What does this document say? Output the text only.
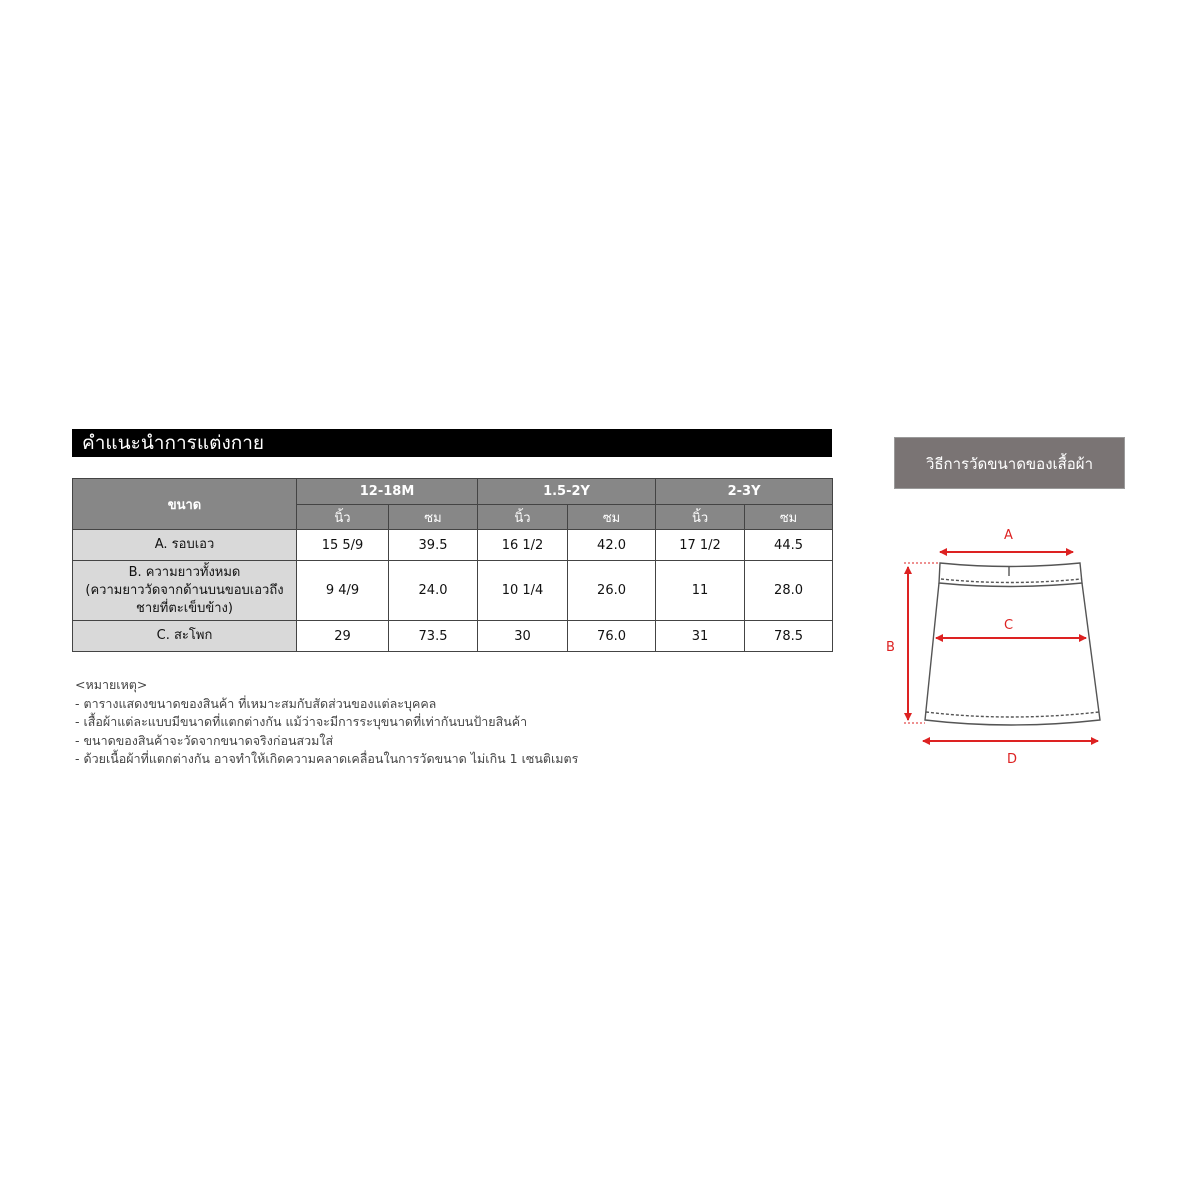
คำแนะนำการแต่งกาย
ขนาด	12-18M		1.5-2Y		2-3Y	
	นิ้ว	ซม	นิ้ว	ซม	นิ้ว	ซม
A. รอบเอว	15 5/9	39.5	16 1/2	42.0	17 1/2	44.5

B. ความยาวทั้งหมด
(ความยาววัดจากด้านบนขอบเอวถึง
ชายที่ตะเข็บข้าง)	9 4/9	24.0	10 1/4	26.0	11	28.0
C. สะโพก	29	73.5	30	76.0	31	78.5
<หมายเหตุ>
- ตารางแสดงขนาดของสินค้า ที่เหมาะสมกับสัดส่วนของแต่ละบุคคล
- เสื้อผ้าแต่ละแบบมีขนาดที่แตกต่างกัน แม้ว่าจะมีการระบุขนาดที่เท่ากันบนป้ายสินค้า
- ขนาดของสินค้าจะวัดจากขนาดจริงก่อนสวมใส่
- ด้วยเนื้อผ้าที่แตกต่างกัน อาจทำให้เกิดความคลาดเคลื่อนในการวัดขนาด ไม่เกิน 1 เซนติเมตร
วิธีการวัดขนาดของเสื้อผ้า
A
C
B
D
